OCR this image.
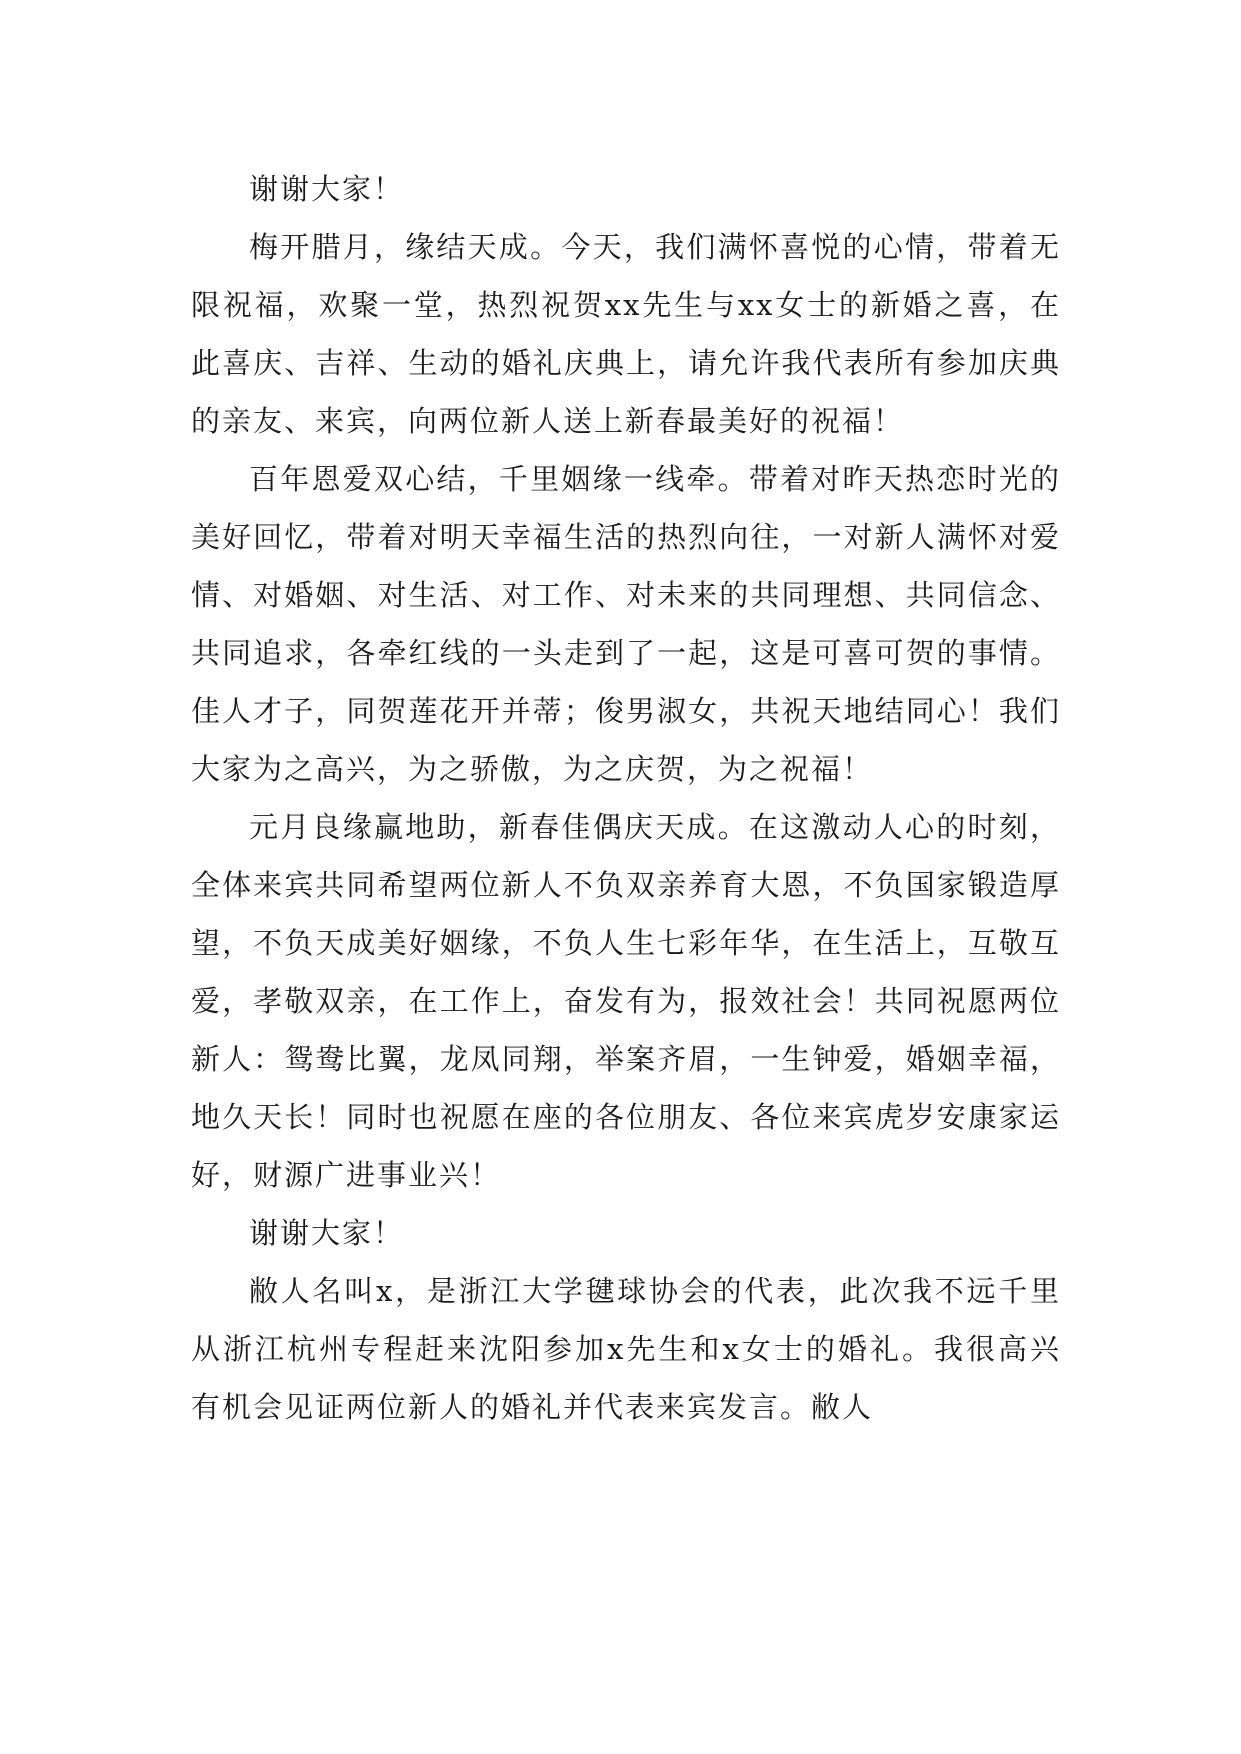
谢谢大家！

梅开腊月，缘结天成。今天，我们满怀喜悦的心情，带着无限祝福，欢聚一堂，热烈祝贺xx先生与xx女士的新婚之喜，在此喜庆、吉祥、生动的婚礼庆典上，请允许我代表所有参加庆典的亲友、来宾，向两位新人送上新春最美好的祝福！

百年恩爱双心结，千里姻缘一线牵。带着对昨天热恋时光的美好回忆，带着对明天幸福生活的热烈向往，一对新人满怀对爱情、对婚姻、对生活、对工作、对未来的共同理想、共同信念、共同追求，各牵红线的一头走到了一起，这是可喜可贺的事情。佳人才子，同贺莲花开并蒂；俊男淑女，共祝天地结同心！我们大家为之高兴，为之骄傲，为之庆贺，为之祝福！

元月良缘赢地助，新春佳偶庆天成。在这激动人心的时刻，全体来宾共同希望两位新人不负双亲养育大恩，不负国家锻造厚望，不负天成美好姻缘，不负人生七彩年华，在生活上，互敬互爱，孝敬双亲，在工作上，奋发有为，报效社会！共同祝愿两位新人：鸳鸯比翼，龙凤同翔，举案齐眉，一生钟爱，婚姻幸福，地久天长！同时也祝愿在座的各位朋友、各位来宾虎岁安康家运好，财源广进事业兴！

谢谢大家！

敝人名叫x，是浙江大学毽球协会的代表，此次我不远千里从浙江杭州专程赶来沈阳参加x先生和x女士的婚礼。我很高兴有机会见证两位新人的婚礼并代表来宾发言。敝人
